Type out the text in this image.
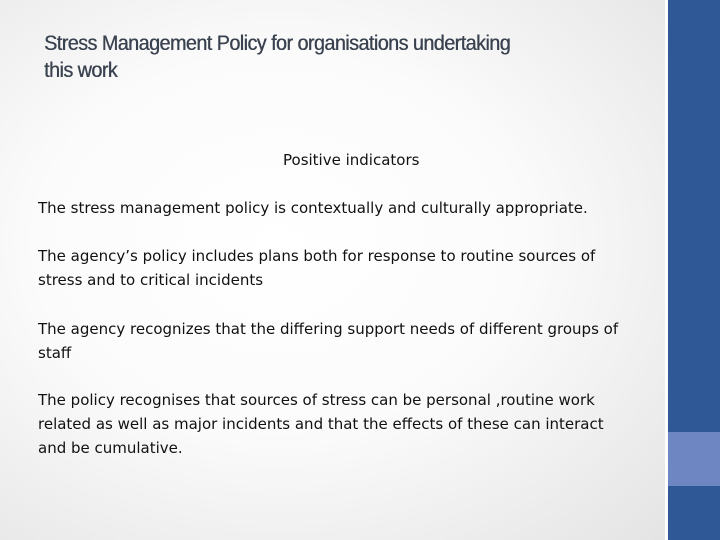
Stress Management Policy for organisations undertaking
this work
Positive indicators
The stress management policy is contextually and culturally appropriate.
The agency’s policy includes plans both for response to routine sources of
stress and to critical incidents
The agency recognizes that the differing support needs of different groups of
staff
The policy recognises that sources of stress can be personal ,routine work
related as well as major incidents and that the effects of these can interact
and be cumulative.
